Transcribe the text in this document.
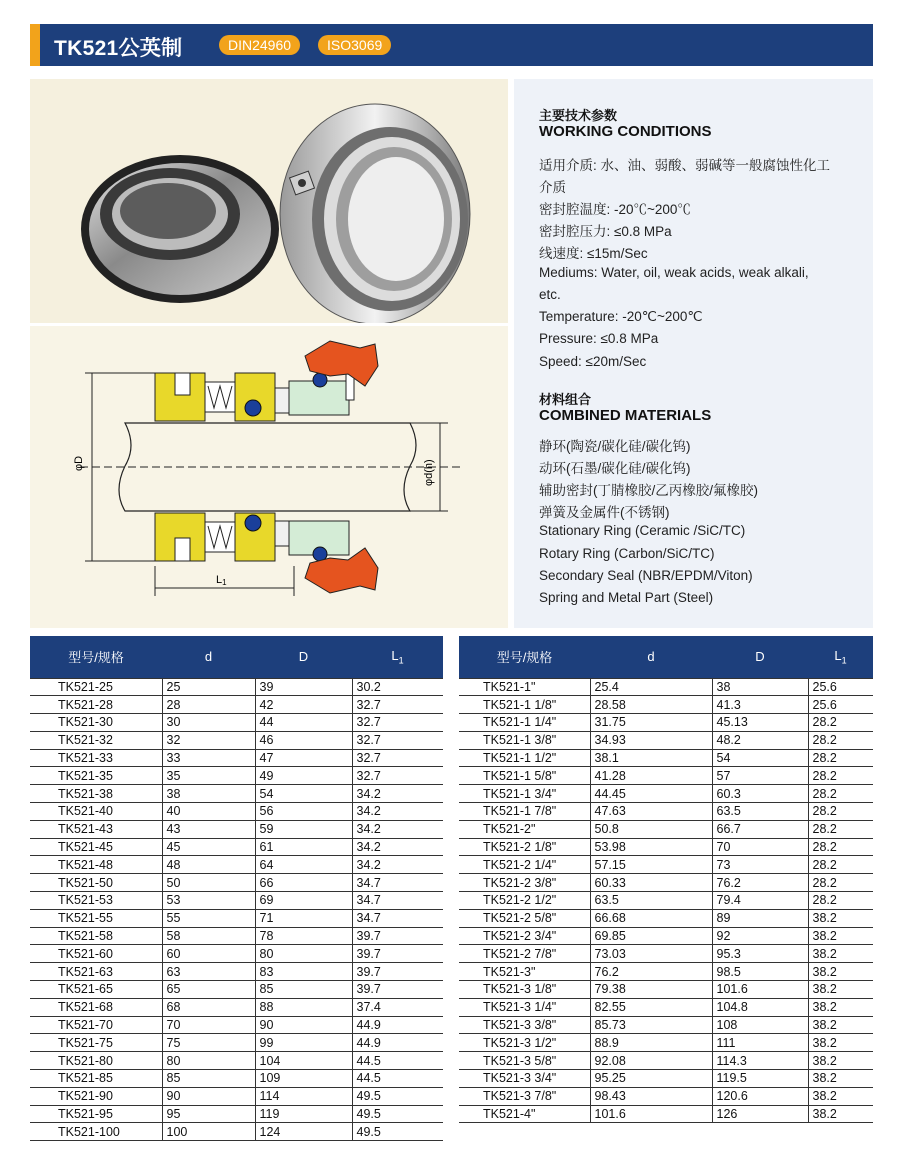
TK521公英制	DIN24960	ISO3069
φD	φd(h)
L1
主要技术参数
WORKING CONDITIONS
适用介质: 水、油、弱酸、弱碱等一般腐蚀性化工
介质
密封腔温度: -20℃~200℃
密封腔压力: ≤0.8 MPa
线速度: ≤15m/Sec
Mediums: Water, oil, weak acids, weak alkali,
etc.
Temperature: -20℃~200℃
Pressure: ≤0.8 MPa
Speed: ≤20m/Sec
材料组合
COMBINED MATERIALS
静环(陶瓷/碳化硅/碳化钨)
动环(石墨/碳化硅/碳化钨)
辅助密封(丁腈橡胶/乙丙橡胶/氟橡胶)
弹簧及金属件(不锈钢)
Stationary Ring (Ceramic /SiC/TC)
Rotary Ring (Carbon/SiC/TC)
Secondary Seal (NBR/EPDM/Viton)
Spring and Metal Part (Steel)
型号/规格	d	D	$L_1$
TK521-25	25	39	30.2
TK521-28	28	42	32.7
TK521-30	30	44	32.7
TK521-32	32	46	32.7
TK521-33	33	47	32.7
TK521-35	35	49	32.7
TK521-38	38	54	34.2
TK521-40	40	56	34.2
TK521-43	43	59	34.2
TK521-45	45	61	34.2
TK521-48	48	64	34.2
TK521-50	50	66	34.7
TK521-53	53	69	34.7
TK521-55	55	71	34.7
TK521-58	58	78	39.7
TK521-60	60	80	39.7
TK521-63	63	83	39.7
TK521-65	65	85	39.7
TK521-68	68	88	37.4
TK521-70	70	90	44.9
TK521-75	75	99	44.9
TK521-80	80	104	44.5
TK521-85	85	109	44.5
TK521-90	90	114	49.5
TK521-95	95	119	49.5
TK521-100	100	124	49.5
型号/规格	d	D	$L_1$
TK521-1"	25.4	38	25.6
TK521-1 1/8"	28.58	41.3	25.6
TK521-1 1/4"	31.75	45.13	28.2
TK521-1 3/8"	34.93	48.2	28.2
TK521-1 1/2"	38.1	54	28.2
TK521-1 5/8"	41.28	57	28.2
TK521-1 3/4"	44.45	60.3	28.2
TK521-1 7/8"	47.63	63.5	28.2
TK521-2"	50.8	66.7	28.2
TK521-2 1/8"	53.98	70	28.2
TK521-2 1/4"	57.15	73	28.2
TK521-2 3/8"	60.33	76.2	28.2
TK521-2 1/2"	63.5	79.4	28.2
TK521-2 5/8"	66.68	89	38.2
TK521-2 3/4"	69.85	92	38.2
TK521-2 7/8"	73.03	95.3	38.2
TK521-3"	76.2	98.5	38.2
TK521-3 1/8"	79.38	101.6	38.2
TK521-3 1/4"	82.55	104.8	38.2
TK521-3 3/8"	85.73	108	38.2
TK521-3 1/2"	88.9	111	38.2
TK521-3 5/8"	92.08	114.3	38.2
TK521-3 3/4"	95.25	119.5	38.2
TK521-3 7/8"	98.43	120.6	38.2
TK521-4"	101.6	126	38.2
